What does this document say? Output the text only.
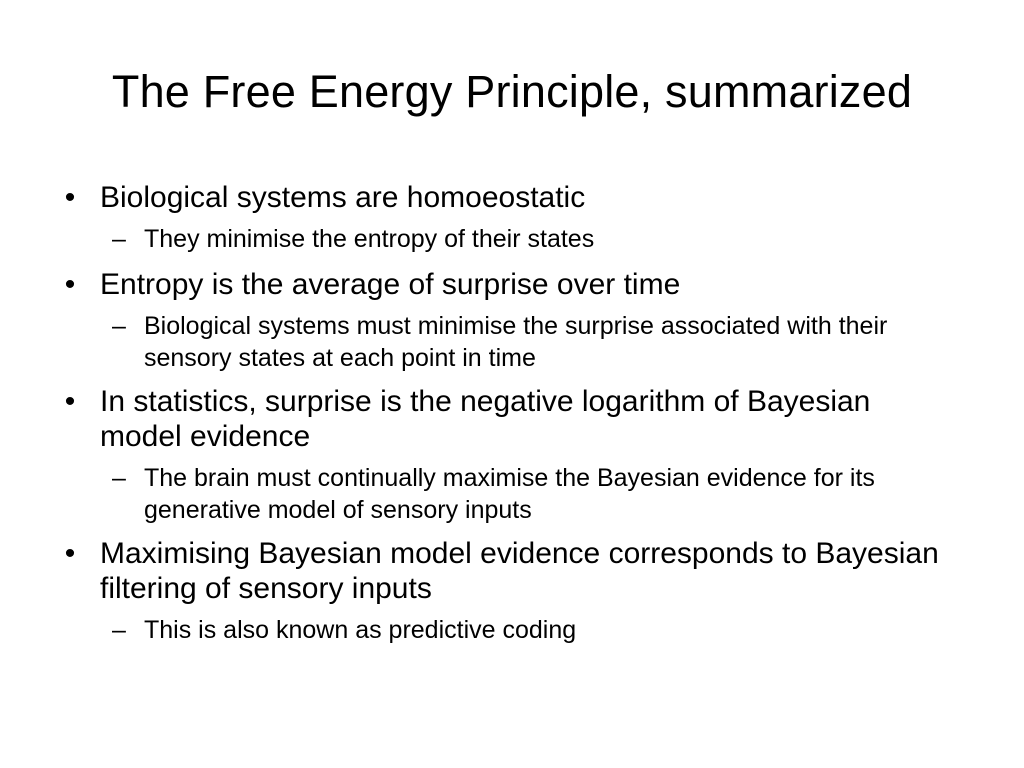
The Free Energy Principle, summarized
• Biological systems are homoeostatic
– They minimise the entropy of their states
• Entropy is the average of surprise over time
– Biological systems must minimise the surprise associated with their sensory states at each point in time
• In statistics, surprise is the negative logarithm of Bayesian model evidence
– The brain must continually maximise the Bayesian evidence for its generative model of sensory inputs
• Maximising Bayesian model evidence corresponds to Bayesian filtering of sensory inputs
– This is also known as predictive coding
